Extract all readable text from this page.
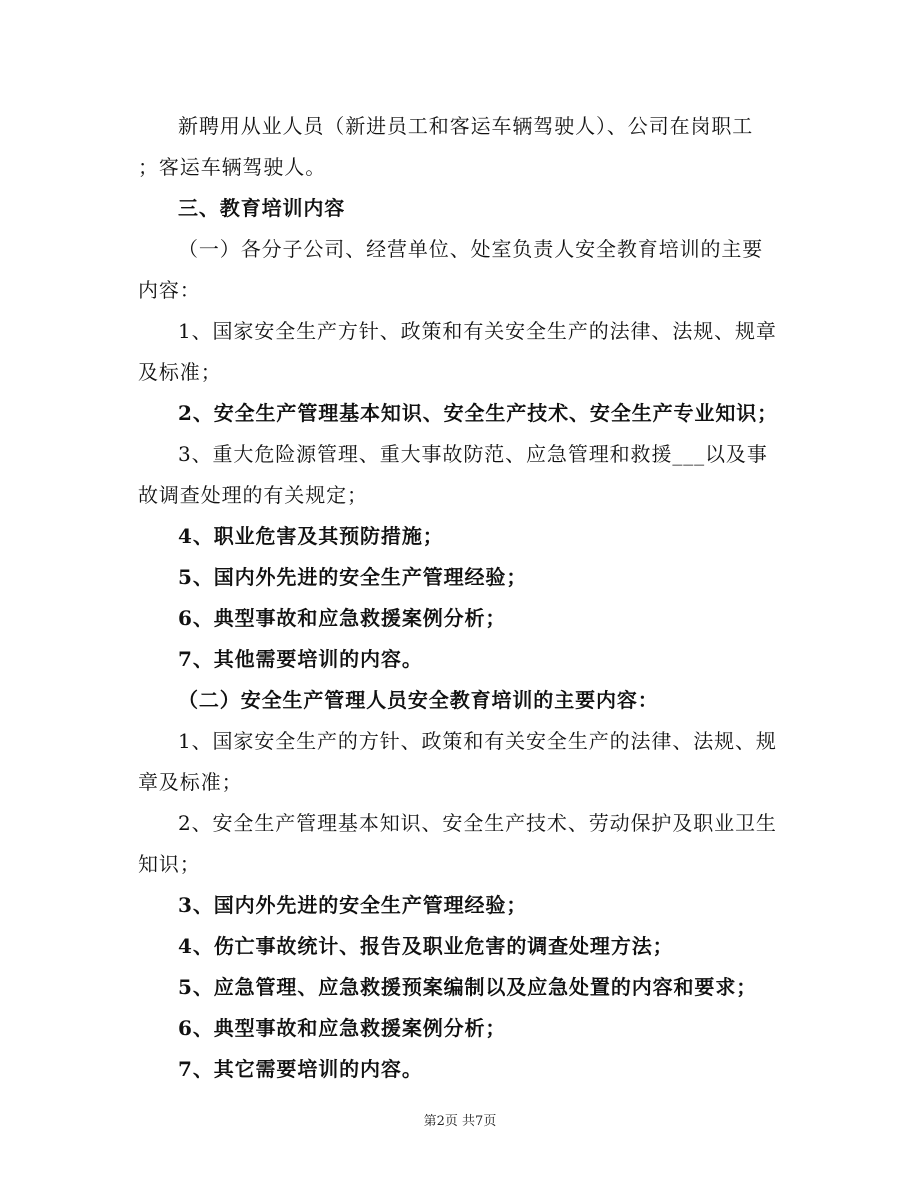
新聘用从业人员（新进员工和客运车辆驾驶人）、公司在岗职工
；客运车辆驾驶人。
三、教育培训内容
（一）各分子公司、经营单位、处室负责人安全教育培训的主要
内容：
1、国家安全生产方针、政策和有关安全生产的法律、法规、规章
及标准；
2、安全生产管理基本知识、安全生产技术、安全生产专业知识；
3、重大危险源管理、重大事故防范、应急管理和救援___以及事
故调查处理的有关规定；
4、职业危害及其预防措施；
5、国内外先进的安全生产管理经验；
6、典型事故和应急救援案例分析；
7、其他需要培训的内容。
（二）安全生产管理人员安全教育培训的主要内容：
1、国家安全生产的方针、政策和有关安全生产的法律、法规、规
章及标准；
2、安全生产管理基本知识、安全生产技术、劳动保护及职业卫生
知识；
3、国内外先进的安全生产管理经验；
4、伤亡事故统计、报告及职业危害的调查处理方法；
5、应急管理、应急救援预案编制以及应急处置的内容和要求；
6、典型事故和应急救援案例分析；
7、其它需要培训的内容。
第2页 共7页
